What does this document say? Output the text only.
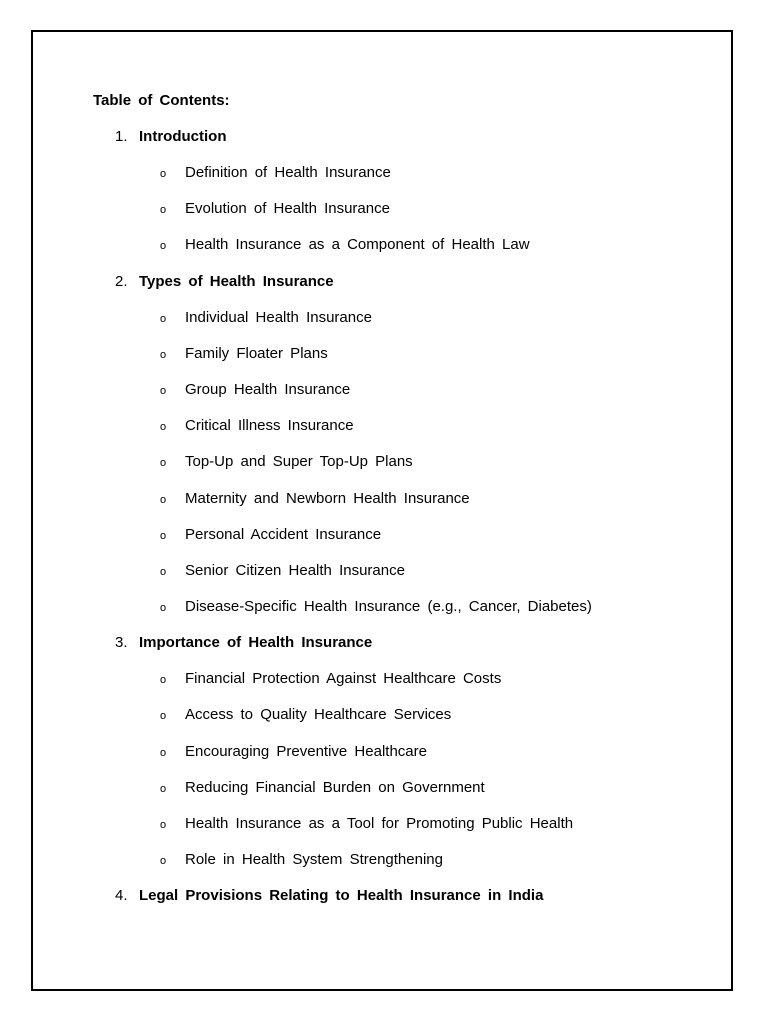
Table of Contents:
1. Introduction
o Definition of Health Insurance
o Evolution of Health Insurance
o Health Insurance as a Component of Health Law
2. Types of Health Insurance
o Individual Health Insurance
o Family Floater Plans
o Group Health Insurance
o Critical Illness Insurance
o Top-Up and Super Top-Up Plans
o Maternity and Newborn Health Insurance
o Personal Accident Insurance
o Senior Citizen Health Insurance
o Disease-Specific Health Insurance (e.g., Cancer, Diabetes)
3. Importance of Health Insurance
o Financial Protection Against Healthcare Costs
o Access to Quality Healthcare Services
o Encouraging Preventive Healthcare
o Reducing Financial Burden on Government
o Health Insurance as a Tool for Promoting Public Health
o Role in Health System Strengthening
4. Legal Provisions Relating to Health Insurance in India
